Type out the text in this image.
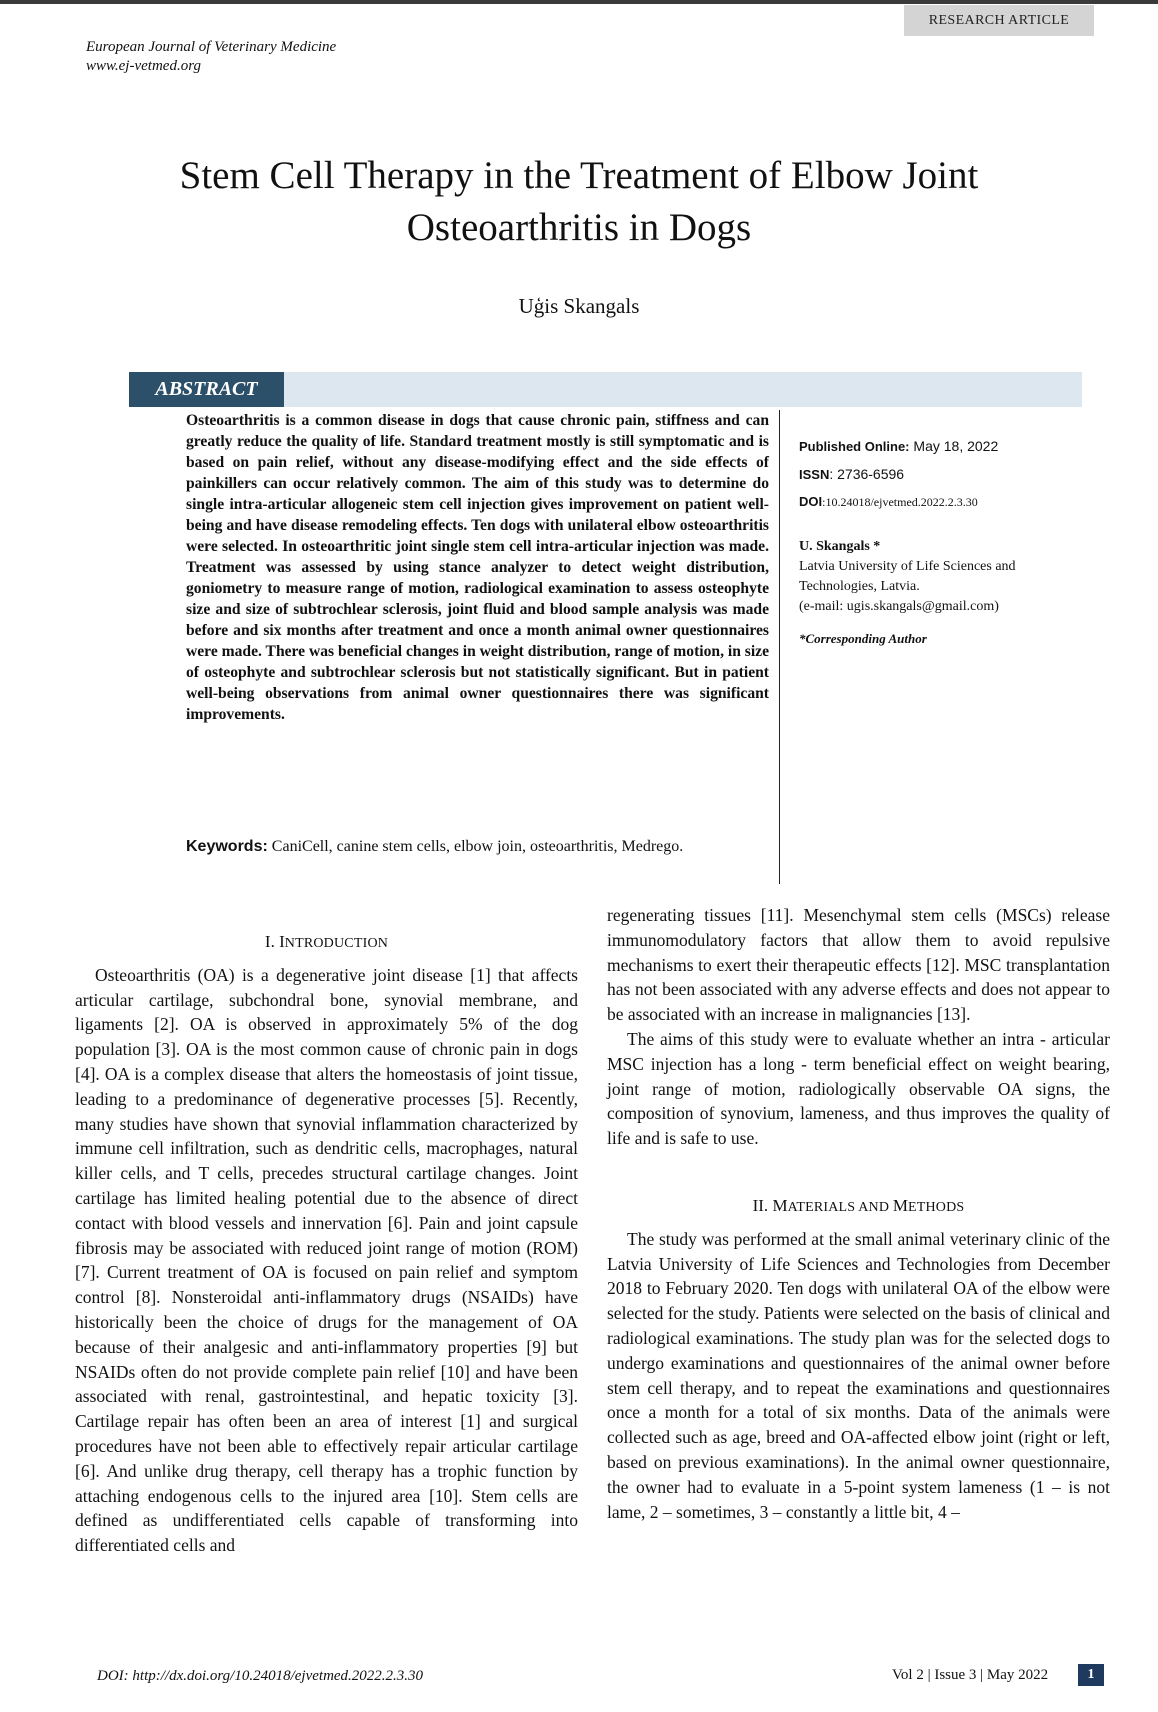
RESEARCH ARTICLE
European Journal of Veterinary Medicine
www.ej-vetmed.org
Stem Cell Therapy in the Treatment of Elbow Joint Osteoarthritis in Dogs
Uģis Skangals
ABSTRACT

Osteoarthritis is a common disease in dogs that cause chronic pain, stiffness and can greatly reduce the quality of life. Standard treatment mostly is still symptomatic and is based on pain relief, without any disease-modifying effect and the side effects of painkillers can occur relatively common. The aim of this study was to determine do single intra-articular allogeneic stem cell injection gives improvement on patient well-being and have disease remodeling effects. Ten dogs with unilateral elbow osteoarthritis were selected. In osteoarthritic joint single stem cell intra-articular injection was made. Treatment was assessed by using stance analyzer to detect weight distribution, goniometry to measure range of motion, radiological examination to assess osteophyte size and size of subtrochlear sclerosis, joint fluid and blood sample analysis was made before and six months after treatment and once a month animal owner questionnaires were made. There was beneficial changes in weight distribution, range of motion, in size of osteophyte and subtrochlear sclerosis but not statistically significant. But in patient well-being observations from animal owner questionnaires there was significant improvements.

Keywords: CaniCell, canine stem cells, elbow join, osteoarthritis, Medrego.
Published Online: May 18, 2022
ISSN: 2736-6596
DOI:10.24018/ejvetmed.2022.2.3.30
U. Skangals *
Latvia University of Life Sciences and Technologies, Latvia.
(e-mail: ugis.skangals@gmail.com)
*Corresponding Author
I. INTRODUCTION

Osteoarthritis (OA) is a degenerative joint disease [1] that affects articular cartilage, subchondral bone, synovial membrane, and ligaments [2]. OA is observed in approximately 5% of the dog population [3]. OA is the most common cause of chronic pain in dogs [4]. OA is a complex disease that alters the homeostasis of joint tissue, leading to a predominance of degenerative processes [5]. Recently, many studies have shown that synovial inflammation characterized by immune cell infiltration, such as dendritic cells, macrophages, natural killer cells, and T cells, precedes structural cartilage changes. Joint cartilage has limited healing potential due to the absence of direct contact with blood vessels and innervation [6]. Pain and joint capsule fibrosis may be associated with reduced joint range of motion (ROM) [7]. Current treatment of OA is focused on pain relief and symptom control [8]. Nonsteroidal anti-inflammatory drugs (NSAIDs) have historically been the choice of drugs for the management of OA because of their analgesic and anti-inflammatory properties [9] but NSAIDs often do not provide complete pain relief [10] and have been associated with renal, gastrointestinal, and hepatic toxicity [3]. Cartilage repair has often been an area of interest [1] and surgical procedures have not been able to effectively repair articular cartilage [6]. And unlike drug therapy, cell therapy has a trophic function by attaching endogenous cells to the injured area [10]. Stem cells are defined as undifferentiated cells capable of transforming into differentiated cells and

regenerating tissues [11]. Mesenchymal stem cells (MSCs) release immunomodulatory factors that allow them to avoid repulsive mechanisms to exert their therapeutic effects [12]. MSC transplantation has not been associated with any adverse effects and does not appear to be associated with an increase in malignancies [13].

The aims of this study were to evaluate whether an intra - articular MSC injection has a long - term beneficial effect on weight bearing, joint range of motion, radiologically observable OA signs, the composition of synovium, lameness, and thus improves the quality of life and is safe to use.

II. MATERIALS AND METHODS

The study was performed at the small animal veterinary clinic of the Latvia University of Life Sciences and Technologies from December 2018 to February 2020. Ten dogs with unilateral OA of the elbow were selected for the study. Patients were selected on the basis of clinical and radiological examinations. The study plan was for the selected dogs to undergo examinations and questionnaires of the animal owner before stem cell therapy, and to repeat the examinations and questionnaires once a month for a total of six months. Data of the animals were collected such as age, breed and OA-affected elbow joint (right or left, based on previous examinations). In the animal owner questionnaire, the owner had to evaluate in a 5-point system lameness (1 – is not lame, 2 – sometimes, 3 – constantly a little bit, 4 –

DOI: http://dx.doi.org/10.24018/ejvetmed.2022.2.3.30	Vol 2 | Issue 3 | May 2022	1
